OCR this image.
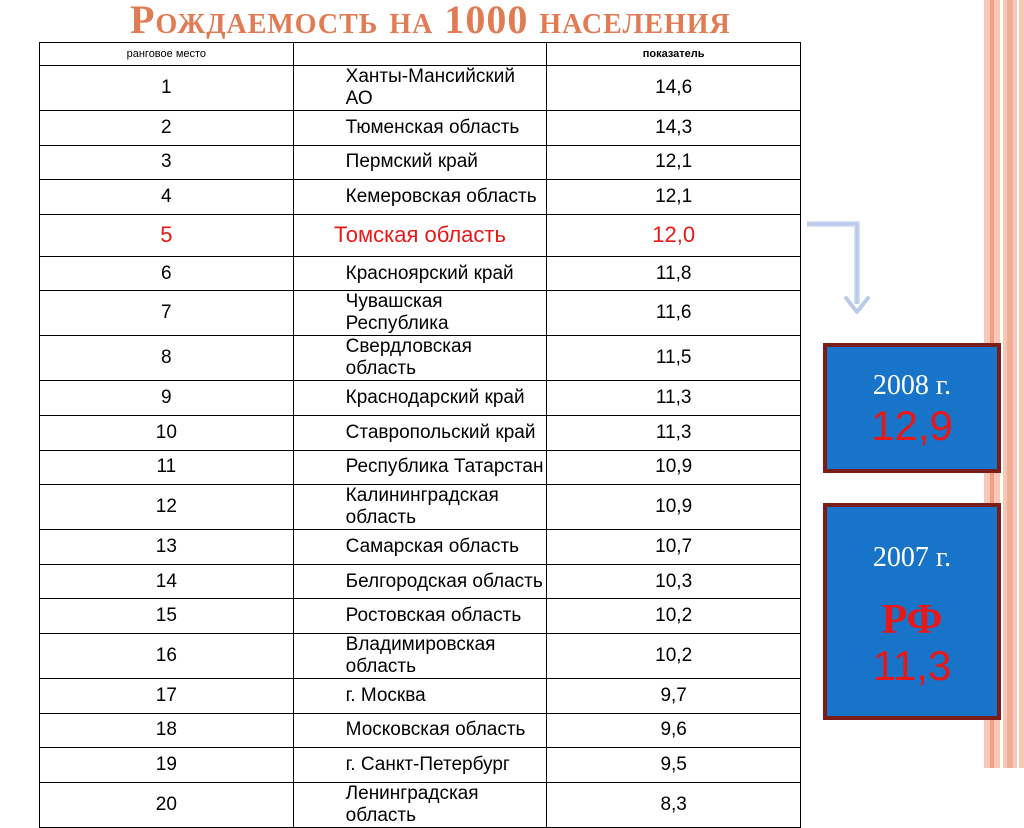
Рождаемость на 1000 населения
ранговое место		показатель
1	Ханты-Мансийский АО	14,6
2	Тюменская область	14,3
3	Пермский край	12,1
4	Кемеровская область	12,1
5	Томская область	12,0
6	Красноярский край	11,8
7	Чувашская Республика	11,6
8	Свердловская область	11,5
9	Краснодарский край	11,3
10	Ставропольский край	11,3
11	Республика Татарстан	10,9
12	Калининградская область	10,9
13	Самарская область	10,7
14	Белгородская область	10,3
15	Ростовская область	10,2
16	Владимировская область	10,2
17	г. Москва	9,7
18	Московская область	9,6
19	г. Санкт-Петербург	9,5
20	Ленинградская область	8,3
2008 г.
12,9
2007 г.
РФ
11,3
